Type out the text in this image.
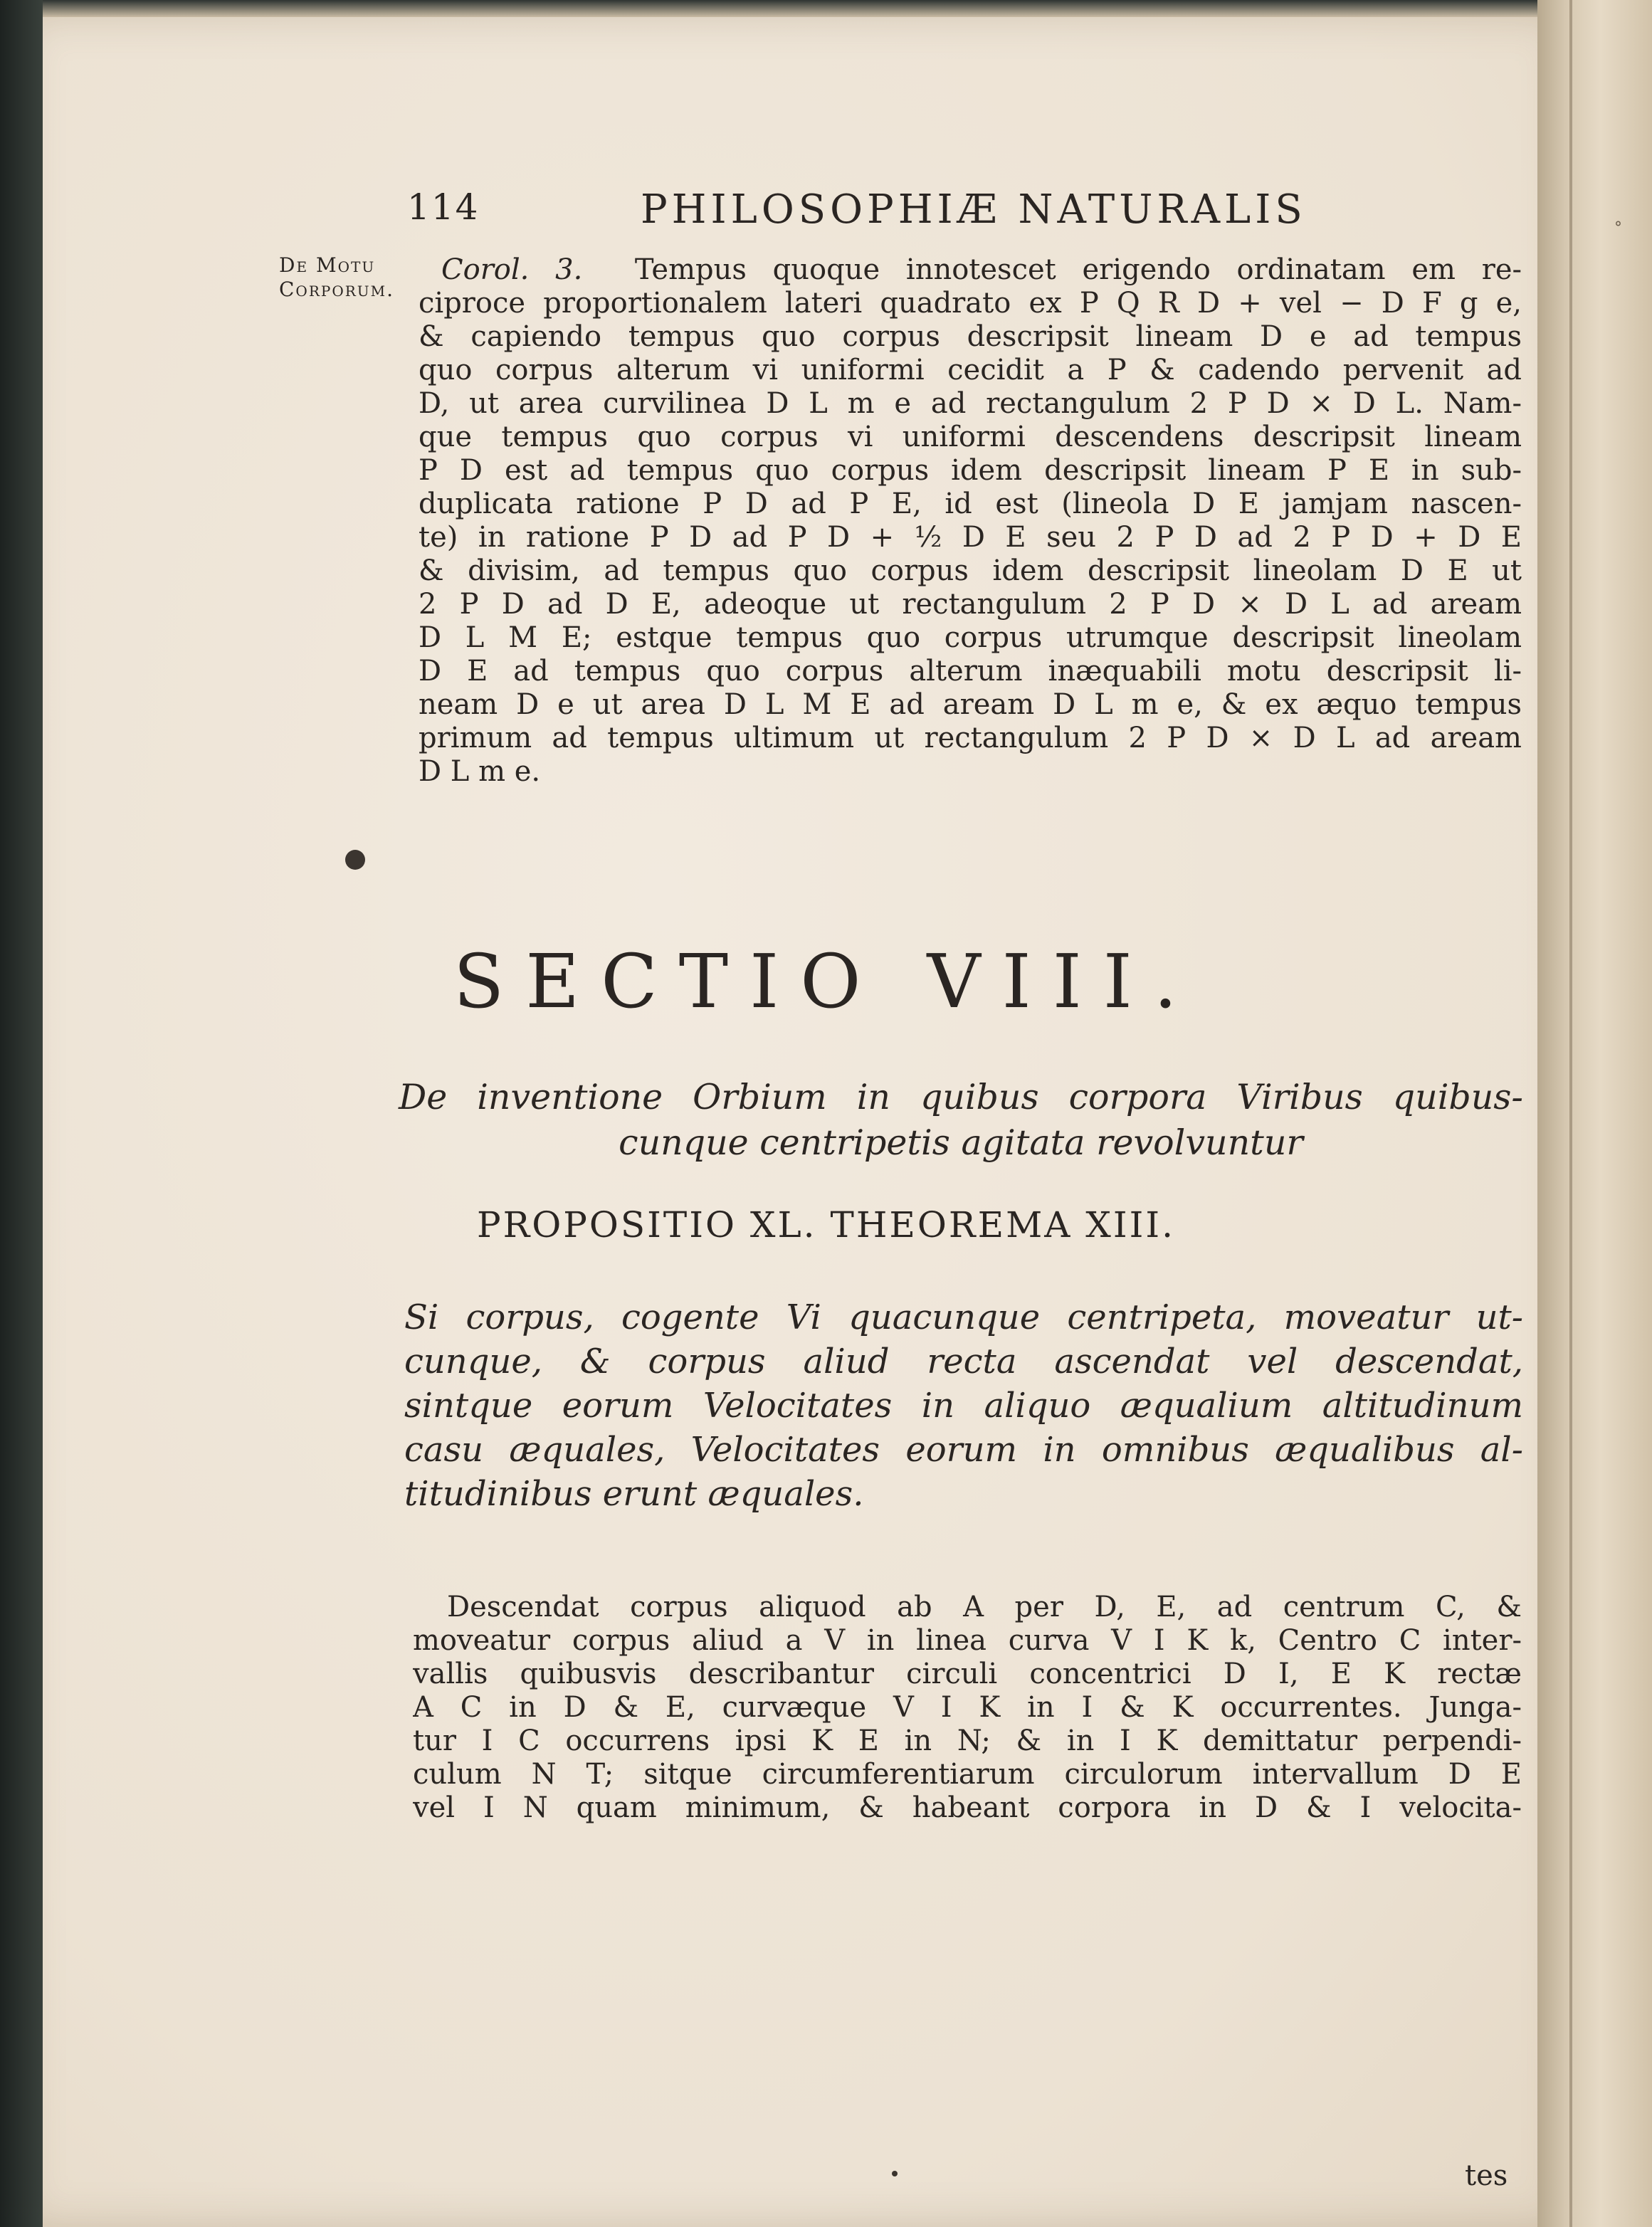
°

114	PHILOSOPHIÆ NATURALIS
De Motu
Corporum.
Corol. 3. Tempus quoque innotescet erigendo ordinatam em re-
ciproce proportionalem lateri quadrato ex P Q R D + vel − D F g e,
& capiendo tempus quo corpus descripsit lineam D e ad tempus
quo corpus alterum vi uniformi cecidit a P & cadendo pervenit ad
D, ut area curvilinea D L m e ad rectangulum 2 P D × D L. Nam-
que tempus quo corpus vi uniformi descendens descripsit lineam
P D est ad tempus quo corpus idem descripsit lineam P E in sub-
duplicata ratione P D ad P E, id est (lineola D E jamjam nascen-
te) in ratione P D ad P D + ½ D E seu 2 P D ad 2 P D + D E
& divisim, ad tempus quo corpus idem descripsit lineolam D E ut
2 P D ad D E, adeoque ut rectangulum 2 P D × D L ad aream
D L M E; estque tempus quo corpus utrumque descripsit lineolam
D E ad tempus quo corpus alterum inæquabili motu descripsit li-
neam D e ut area D L M E ad aream D L m e, & ex æquo tempus
primum ad tempus ultimum ut rectangulum 2 P D × D L ad aream
D L m e.
SECTIO VIII.
De inventione Orbium in quibus corpora Viribus quibus-
cunque centripetis agitata revolvuntur
PROPOSITIO XL. THEOREMA XIII.
Si corpus, cogente Vi quacunque centripeta, moveatur ut-
cunque, & corpus aliud recta ascendat vel descendat,
sintque eorum Velocitates in aliquo æqualium altitudinum
casu æquales, Velocitates eorum in omnibus æqualibus al-
titudinibus erunt æquales.
Descendat corpus aliquod ab A per D, E, ad centrum C, &
moveatur corpus aliud a V in linea curva V I K k, Centro C inter-
vallis quibusvis describantur circuli concentrici D I, E K rectæ
A C in D & E, curvæque V I K in I & K occurrentes. Junga-
tur I C occurrens ipsi K E in N; & in I K demittatur perpendi-
culum N T; sitque circumferentiarum circulorum intervallum D E
vel I N quam minimum, & habeant corpora in D & I velocita-
tes
